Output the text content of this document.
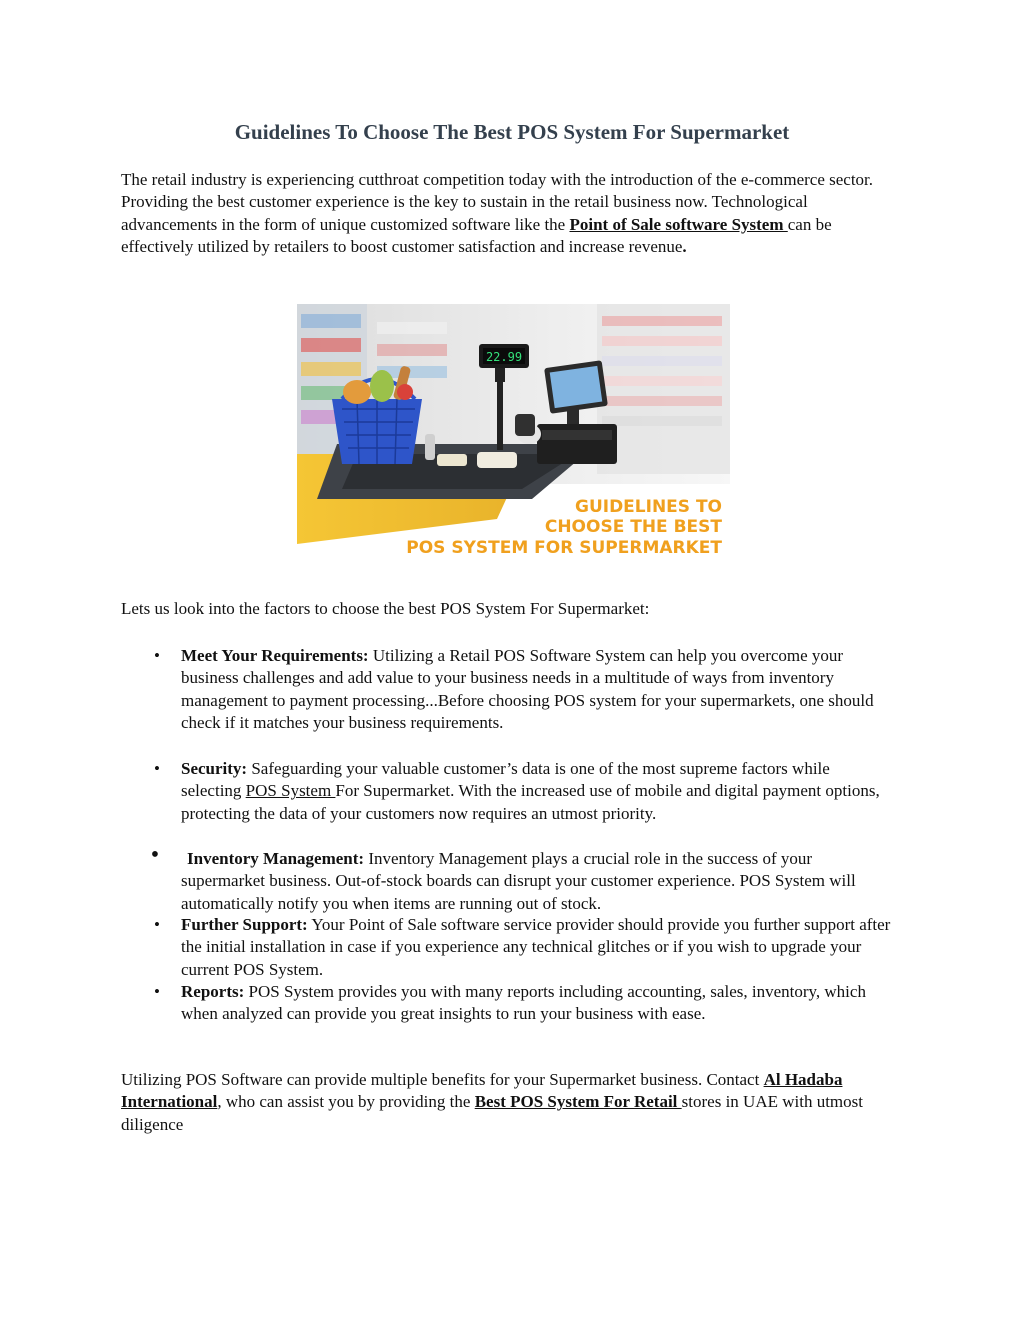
Guidelines To Choose The Best POS System For Supermarket

The retail industry is experiencing cutthroat competition today with the introduction of the e-commerce sector. Providing the best customer experience is the key to sustain in the retail business now. Technological advancements in the form of unique customized software like the Point of Sale software System can be effectively utilized by retailers to boost customer satisfaction and increase revenue.

22.99
GUIDELINES TO
CHOOSE THE BEST
POS SYSTEM FOR SUPERMARKET

Lets us look into the factors to choose the best POS System For Supermarket:

• Meet Your Requirements: Utilizing a Retail POS Software System can help you overcome your business challenges and add value to your business needs in a multitude of ways from inventory management to payment processing...Before choosing POS system for your supermarkets, one should check if it matches your business requirements.
• Security: Safeguarding your valuable customer’s data is one of the most supreme factors while selecting POS System For Supermarket. With the increased use of mobile and digital payment options, protecting the data of your customers now requires an utmost priority.
• Inventory Management: Inventory Management plays a crucial role in the success of your supermarket business. Out-of-stock boards can disrupt your customer experience. POS System will automatically notify you when items are running out of stock.
• Further Support: Your Point of Sale software service provider should provide you further support after the initial installation in case if you experience any technical glitches or if you wish to upgrade your current POS System.
• Reports: POS System provides you with many reports including accounting, sales, inventory, which when analyzed can provide you great insights to run your business with ease.

Utilizing POS Software can provide multiple benefits for your Supermarket business. Contact Al Hadaba International, who can assist you by providing the Best POS System For Retail stores in UAE with utmost diligence
